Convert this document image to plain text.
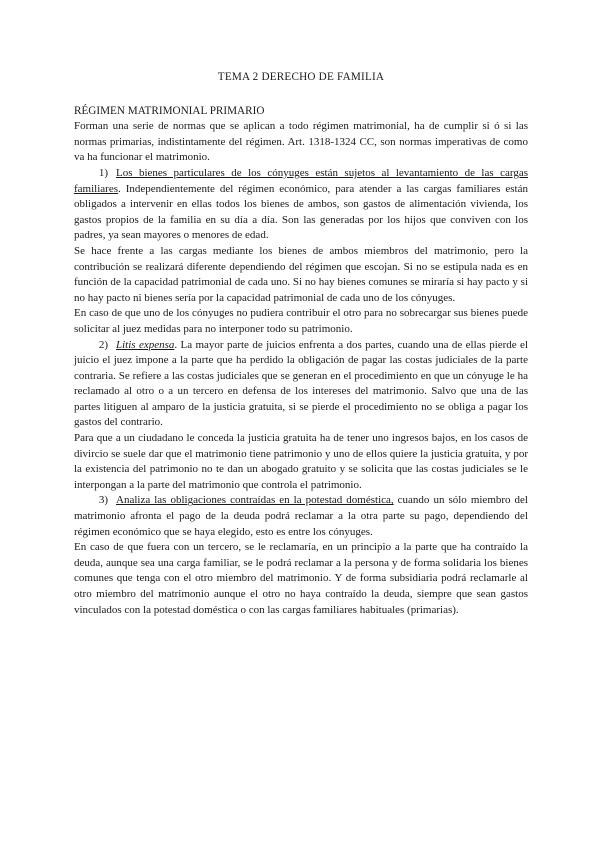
TEMA 2 DERECHO DE FAMILIA

RÉGIMEN MATRIMONIAL PRIMARIO

Forman una serie de normas que se aplican a todo régimen matrimonial, ha de cumplir si ó si las normas primarias, indistintamente del régimen. Art. 1318-1324 CC, son normas imperativas de como va ha funcionar el matrimonio.

1) Los bienes particulares de los cónyuges están sujetos al levantamiento de las cargas familiares. Independientemente del régimen económico, para atender a las cargas familiares están obligados a intervenir en ellas todos los bienes de ambos, son gastos de alimentación vivienda, los gastos propios de la familia en su día a día. Son las generadas por los hijos que conviven con los padres, ya sean mayores o menores de edad.

Se hace frente a las cargas mediante los bienes de ambos miembros del matrimonio, pero la contribución se realizará diferente dependiendo del régimen que escojan. Si no se estipula nada es en función de la capacidad patrimonial de cada uno. Si no hay bienes comunes se miraría si hay pacto y si no hay pacto ni bienes sería por la capacidad patrimonial de cada uno de los cónyuges.

En caso de que uno de los cónyuges no pudiera contribuir el otro para no sobrecargar sus bienes puede solicitar al juez medidas para no interponer todo su patrimonio.

2) Litis expensa. La mayor parte de juicios enfrenta a dos partes, cuando una de ellas pierde el juicio el juez impone a la parte que ha perdido la obligación de pagar las costas judiciales de la parte contraria. Se refiere a las costas judiciales que se generan en el procedimiento en que un cónyuge le ha reclamado al otro o a un tercero en defensa de los intereses del matrimonio. Salvo que una de las partes litiguen al amparo de la justicia gratuita, si se pierde el procedimiento no se obliga a pagar los gastos del contrario.

Para que a un ciudadano le conceda la justicia gratuita ha de tener uno ingresos bajos, en los casos de divircio se suele dar que el matrimonio tiene patrimonio y uno de ellos quiere la justicia gratuita, y por la existencia del patrimonio no te dan un abogado gratuito y se solicita que las costas judiciales se le interpongan a la parte del matrimonio que controla el patrimonio.

3) Analiza las obligaciones contraídas en la potestad doméstica, cuando un sólo miembro del matrimonio afronta el pago de la deuda podrá reclamar a la otra parte su pago, dependiendo del régimen económico que se haya elegido, esto es entre los cónyuges.

En caso de que fuera con un tercero, se le reclamaría, en un principio a la parte que ha contraído la deuda, aunque sea una carga familiar, se le podrá reclamar a la persona y de forma solidaria los bienes comunes que tenga con el otro miembro del matrimonio. Y de forma subsidiaria podrá reclamarle al otro miembro del matrimonio aunque el otro no haya contraído la deuda, siempre que sean gastos vinculados con la potestad doméstica o con las cargas familiares habituales (primarias).
